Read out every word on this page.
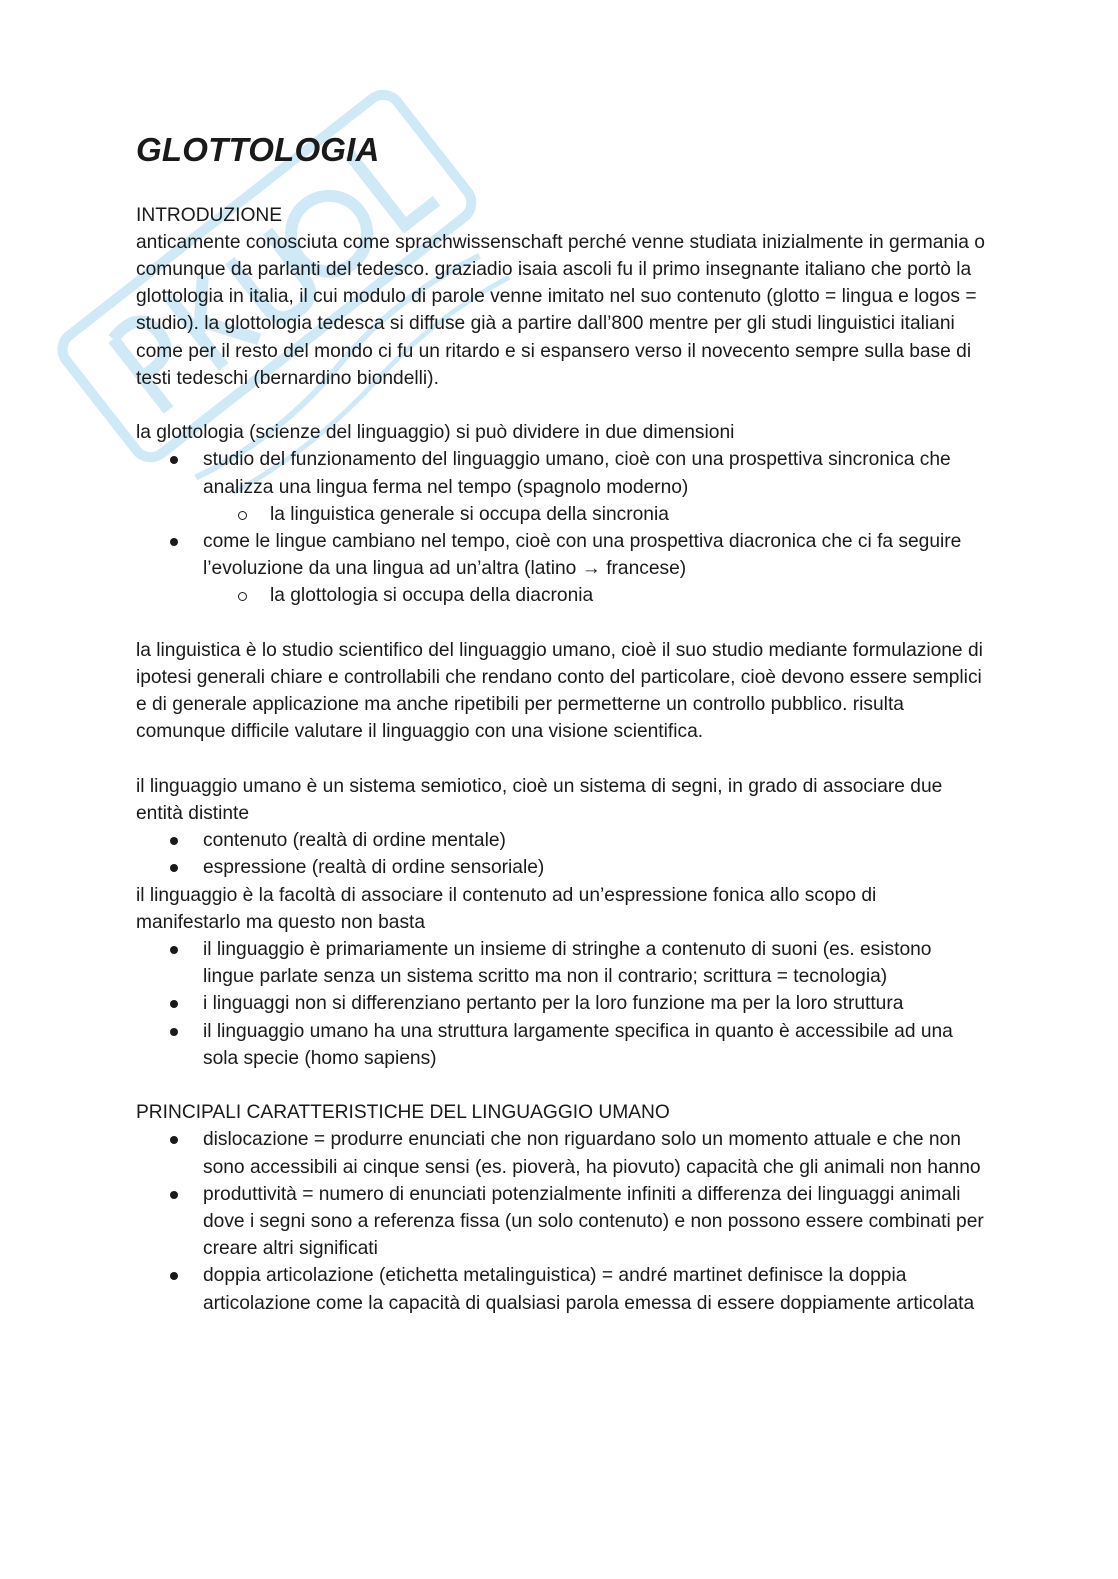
GLOTTOLOGIA

INTRODUZIONE

anticamente conosciuta come sprachwissenschaft perché venne studiata inizialmente in germania o comunque da parlanti del tedesco. graziadio isaia ascoli fu il primo insegnante italiano che portò la glottologia in italia, il cui modulo di parole venne imitato nel suo contenuto (glotto = lingua e logos = studio). la glottologia tedesca si diffuse già a partire dall’800 mentre per gli studi linguistici italiani come per il resto del mondo ci fu un ritardo e si espansero verso il novecento sempre sulla base di testi tedeschi (bernardino biondelli).

la glottologia (scienze del linguaggio) si può dividere in due dimensioni

studio del funzionamento del linguaggio umano, cioè con una prospettiva sincronica che analizza una lingua ferma nel tempo (spagnolo moderno)
la linguistica generale si occupa della sincronia
come le lingue cambiano nel tempo, cioè con una prospettiva diacronica che ci fa seguire l’evoluzione da una lingua ad un’altra (latino → francese)
la glottologia si occupa della diacronia

la linguistica è lo studio scientifico del linguaggio umano, cioè il suo studio mediante formulazione di ipotesi generali chiare e controllabili che rendano conto del particolare, cioè devono essere semplici e di generale applicazione ma anche ripetibili per permetterne un controllo pubblico. risulta comunque difficile valutare il linguaggio con una visione scientifica.

il linguaggio umano è un sistema semiotico, cioè un sistema di segni, in grado di associare due entità distinte

contenuto (realtà di ordine mentale)
espressione (realtà di ordine sensoriale)

il linguaggio è la facoltà di associare il contenuto ad un’espressione fonica allo scopo di manifestarlo ma questo non basta

il linguaggio è primariamente un insieme di stringhe a contenuto di suoni (es. esistono lingue parlate senza un sistema scritto ma non il contrario; scrittura = tecnologia)
i linguaggi non si differenziano pertanto per la loro funzione ma per la loro struttura
il linguaggio umano ha una struttura largamente specifica in quanto è accessibile ad una sola specie (homo sapiens)

PRINCIPALI CARATTERISTICHE DEL LINGUAGGIO UMANO

dislocazione = produrre enunciati che non riguardano solo un momento attuale e che non sono accessibili ai cinque sensi (es. pioverà, ha piovuto) capacità che gli animali non hanno
produttività = numero di enunciati potenzialmente infiniti a differenza dei linguaggi animali dove i segni sono a referenza fissa (un solo contenuto) e non possono essere combinati per creare altri significati
doppia articolazione (etichetta metalinguistica) = andré martinet definisce la doppia articolazione come la capacità di qualsiasi parola emessa di essere doppiamente articolata
